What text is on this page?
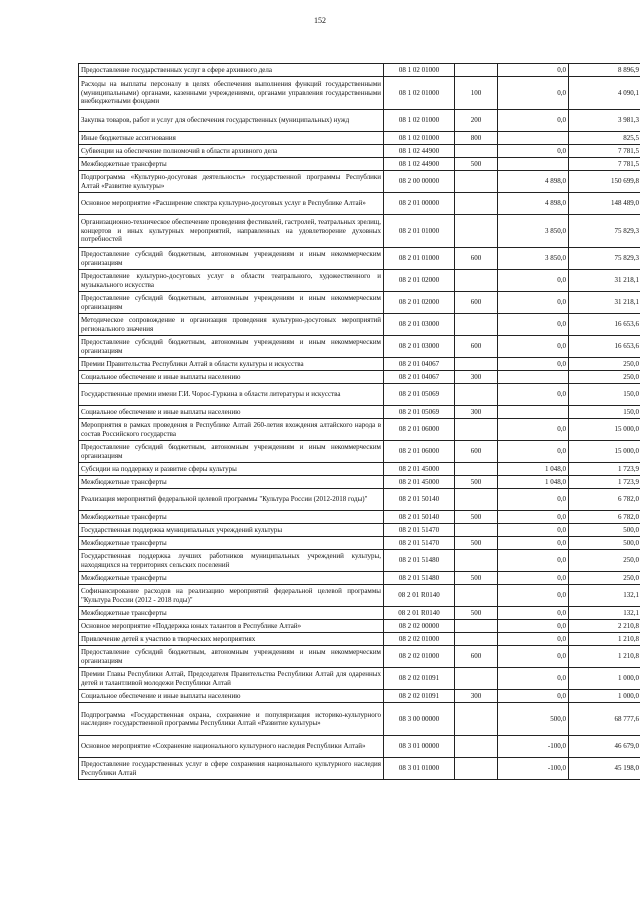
152
Предоставление государственных услуг в сфере архивного дела	08 1 02 01000		0,0	8 896,9
Расходы на выплаты персоналу в целях обеспечения выполнения функций государственными (муниципальными) органами, казенными учреждениями, органами управления государственными внебюджетными фондами	08 1 02 01000	100	0,0	4 090,1
Закупка товаров, работ и услуг для обеспечения государственных (муниципальных) нужд	08 1 02 01000	200	0,0	3 981,3
Иные бюджетные ассигнования	08 1 02 01000	800		825,5
Субвенции на обеспечение полномочий в области архивного дела	08 1 02 44900		0,0	7 781,5
Межбюджетные трансферты	08 1 02 44900	500		7 781,5
Подпрограмма «Культурно-досуговая деятельность» государственной программы Республики Алтай «Развитие культуры»	08 2 00 00000		4 898,0	150 699,8
Основное мероприятие «Расширение спектра культурно-досуговых услуг в Республике Алтай»	08 2 01 00000		4 898,0	148 489,0
Организационно-техническое обеспечение проведения фестивалей, гастролей, театральных зрелищ, концертов и иных культурных мероприятий, направленных на удовлетворение духовных потребностей	08 2 01 01000		3 850,0	75 829,3
Предоставление субсидий бюджетным, автономным учреждениям и иным некоммерческим организациям	08 2 01 01000	600	3 850,0	75 829,3
Предоставление культурно-досуговых услуг в области театрального, художественного и музыкального искусства	08 2 01 02000		0,0	31 218,1
Предоставление субсидий бюджетным, автономным учреждениям и иным некоммерческим организациям	08 2 01 02000	600	0,0	31 218,1
Методическое сопровождение и организация проведения культурно-досуговых мероприятий регионального значения	08 2 01 03000		0,0	16 653,6
Предоставление субсидий бюджетным, автономным учреждениям и иным некоммерческим организациям	08 2 01 03000	600	0,0	16 653,6
Премии Правительства Республики Алтай в области культуры и искусства	08 2 01 04067		0,0	250,0
Социальное обеспечение и иные выплаты населению	08 2 01 04067	300		250,0
Государственные премии имени Г.И. Чорос-Гуркина в области литературы и искусства	08 2 01 05069		0,0	150,0
Социальное обеспечение и иные выплаты населению	08 2 01 05069	300		150,0
Мероприятия в рамках проведения в Республике Алтай 260-летия вхождения алтайского народа в состав Российского государства	08 2 01 06000		0,0	15 000,0
Предоставление субсидий бюджетным, автономным учреждениям и иным некоммерческим организациям	08 2 01 06000	600	0,0	15 000,0
Субсидии на поддержку и развитие сферы культуры	08 2 01 45000		1 048,0	1 723,9
Межбюджетные трансферты	08 2 01 45000	500	1 048,0	1 723,9
Реализация мероприятий федеральной целевой программы "Культура России (2012-2018 годы)"	08 2 01 50140		0,0	6 782,0
Межбюджетные трансферты	08 2 01 50140	500	0,0	6 782,0
Государственная поддержка муниципальных учреждений культуры	08 2 01 51470		0,0	500,0
Межбюджетные трансферты	08 2 01 51470	500	0,0	500,0
Государственная поддержка лучших работников муниципальных учреждений культуры, находящихся на территориях сельских поселений	08 2 01 51480		0,0	250,0
Межбюджетные трансферты	08 2 01 51480	500	0,0	250,0
Софинансирование расходов на реализацию мероприятий федеральной целевой программы "Культура России (2012 - 2018 годы)"	08 2 01 R0140		0,0	132,1
Межбюджетные трансферты	08 2 01 R0140	500	0,0	132,1
Основное мероприятие «Поддержка юных талантов в Республике Алтай»	08 2 02 00000		0,0	2 210,8
Привлечение детей к участию в творческих мероприятиях	08 2 02 01000		0,0	1 210,8
Предоставление субсидий бюджетным, автономным учреждениям и иным некоммерческим организациям	08 2 02 01000	600	0,0	1 210,8
Премии Главы Республики Алтай, Председателя Правительства Республики Алтай для одаренных детей и талантливой молодежи Республики Алтай	08 2 02 01091		0,0	1 000,0
Социальное обеспечение и иные выплаты населению	08 2 02 01091	300	0,0	1 000,0
Подпрограмма «Государственная охрана, сохранение и популяризация историко-культурного наследия» государственной программы Республики Алтай «Развитие культуры»	08 3 00 00000		500,0	68 777,6
Основное мероприятие «Сохранение национального культурного наследия Республики Алтай»	08 3 01 00000		-100,0	46 679,0
Предоставление государственных услуг в сфере сохранения национального культурного наследия Республики Алтай	08 3 01 01000		-100,0	45 198,0
